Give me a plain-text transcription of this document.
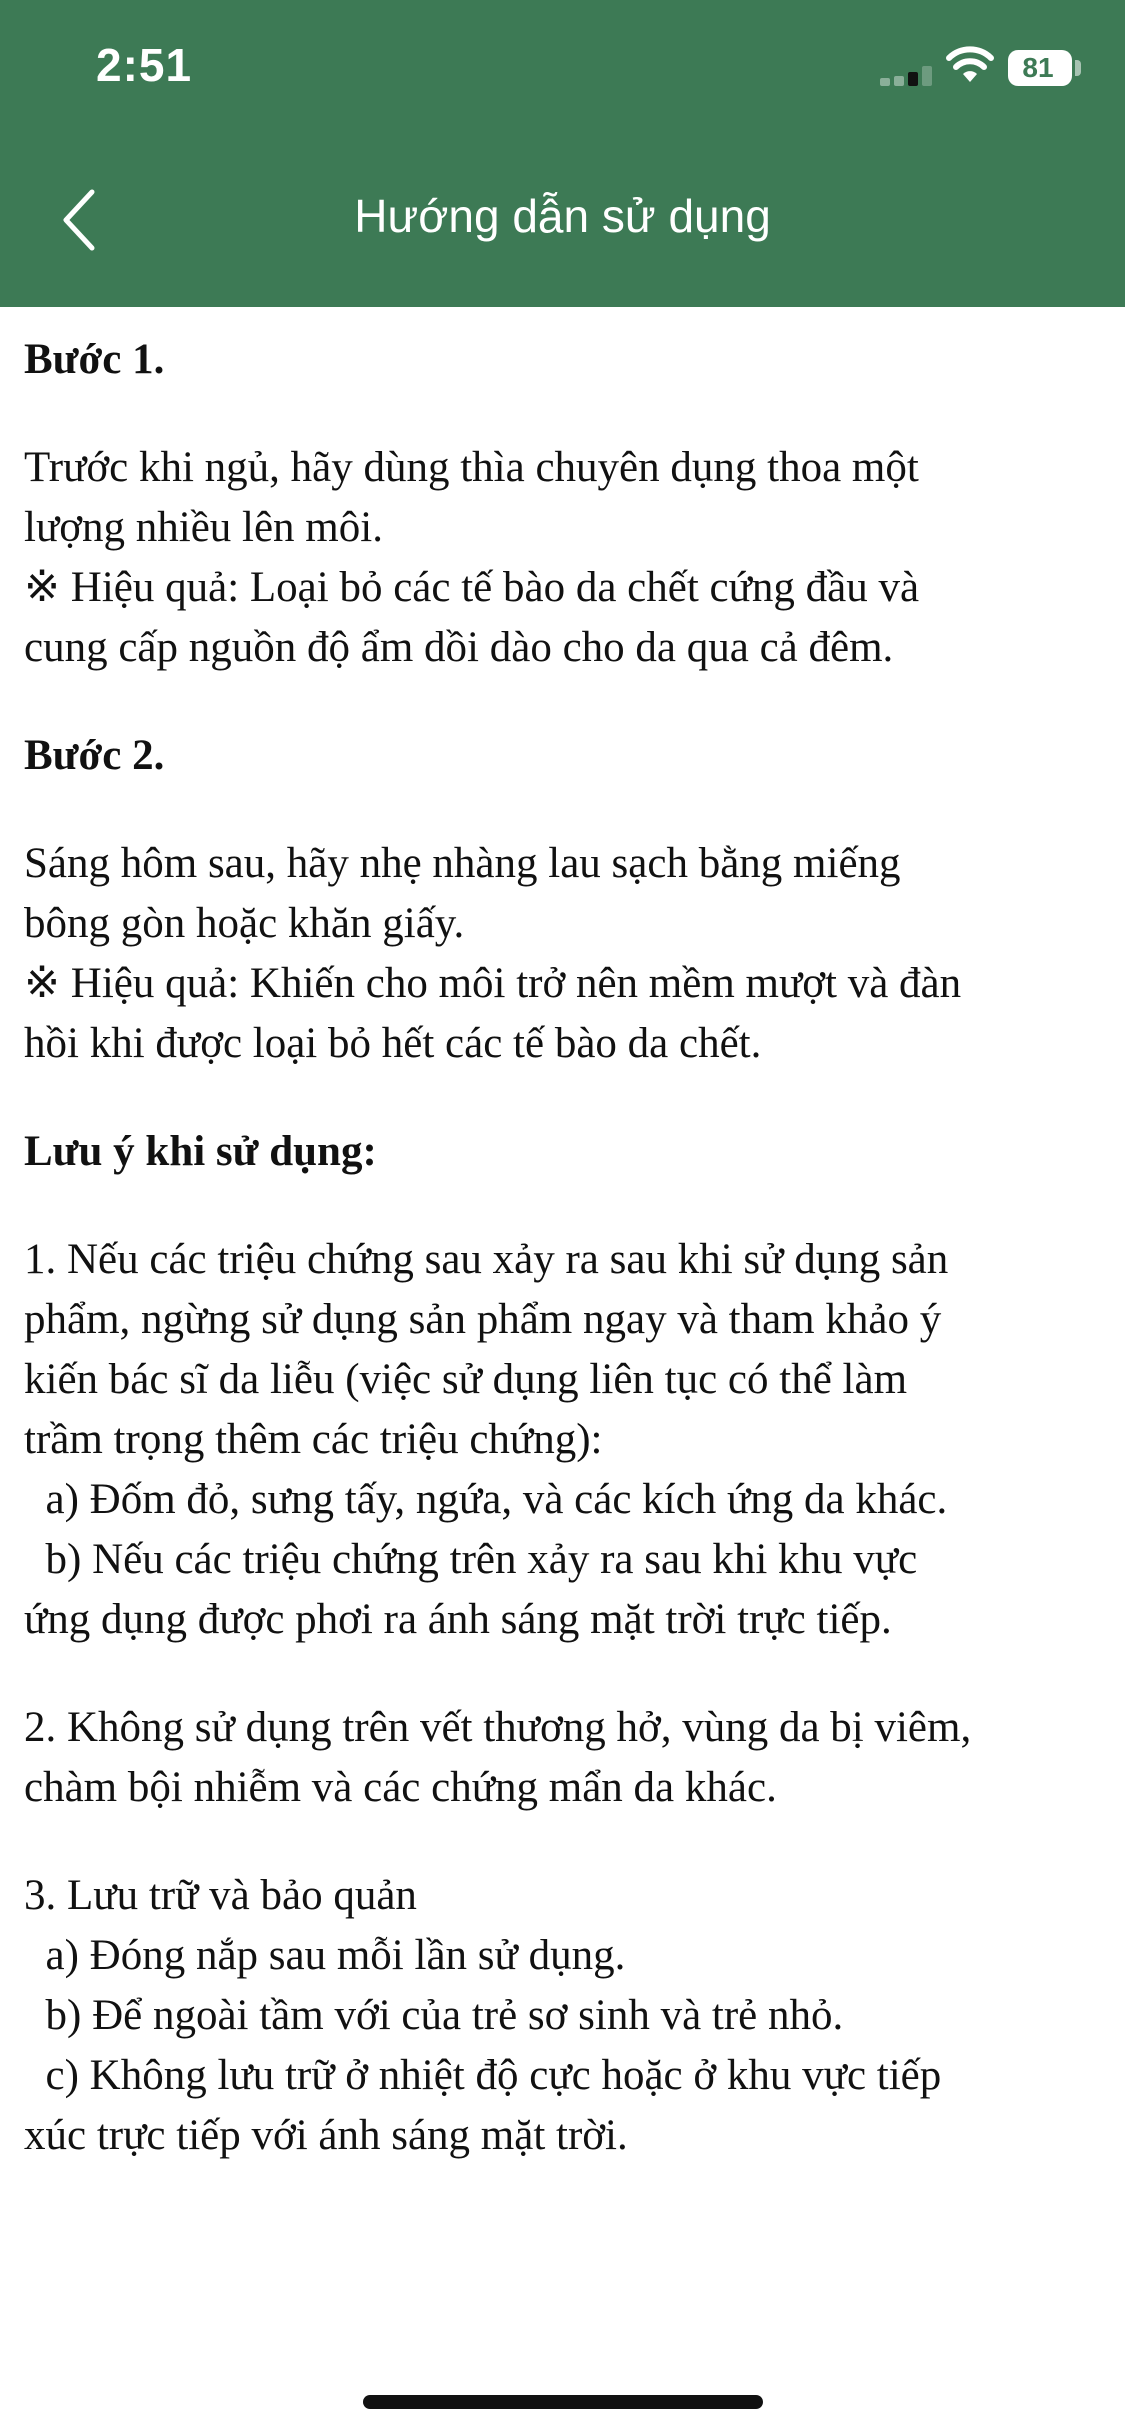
2:51	81
Hướng dẫn sử dụng

Bước 1.

Trước khi ngủ, hãy dùng thìa chuyên dụng thoa một

lượng nhiều lên môi.

※ Hiệu quả: Loại bỏ các tế bào da chết cứng đầu và

cung cấp nguồn độ ẩm dồi dào cho da qua cả đêm.

Bước 2.

Sáng hôm sau, hãy nhẹ nhàng lau sạch bằng miếng

bông gòn hoặc khăn giấy.

※ Hiệu quả: Khiến cho môi trở nên mềm mượt và đàn

hồi khi được loại bỏ hết các tế bào da chết.

Lưu ý khi sử dụng:

1. Nếu các triệu chứng sau xảy ra sau khi sử dụng sản

phẩm, ngừng sử dụng sản phẩm ngay và tham khảo ý

kiến bác sĩ da liễu (việc sử dụng liên tục có thể làm

trầm trọng thêm các triệu chứng):

a) Đốm đỏ, sưng tấy, ngứa, và các kích ứng da khác.

b) Nếu các triệu chứng trên xảy ra sau khi khu vực

ứng dụng được phơi ra ánh sáng mặt trời trực tiếp.

2. Không sử dụng trên vết thương hở, vùng da bị viêm,

chàm bội nhiễm và các chứng mẩn da khác.

3. Lưu trữ và bảo quản

a) Đóng nắp sau mỗi lần sử dụng.

b) Để ngoài tầm với của trẻ sơ sinh và trẻ nhỏ.

c) Không lưu trữ ở nhiệt độ cực hoặc ở khu vực tiếp

xúc trực tiếp với ánh sáng mặt trời.
